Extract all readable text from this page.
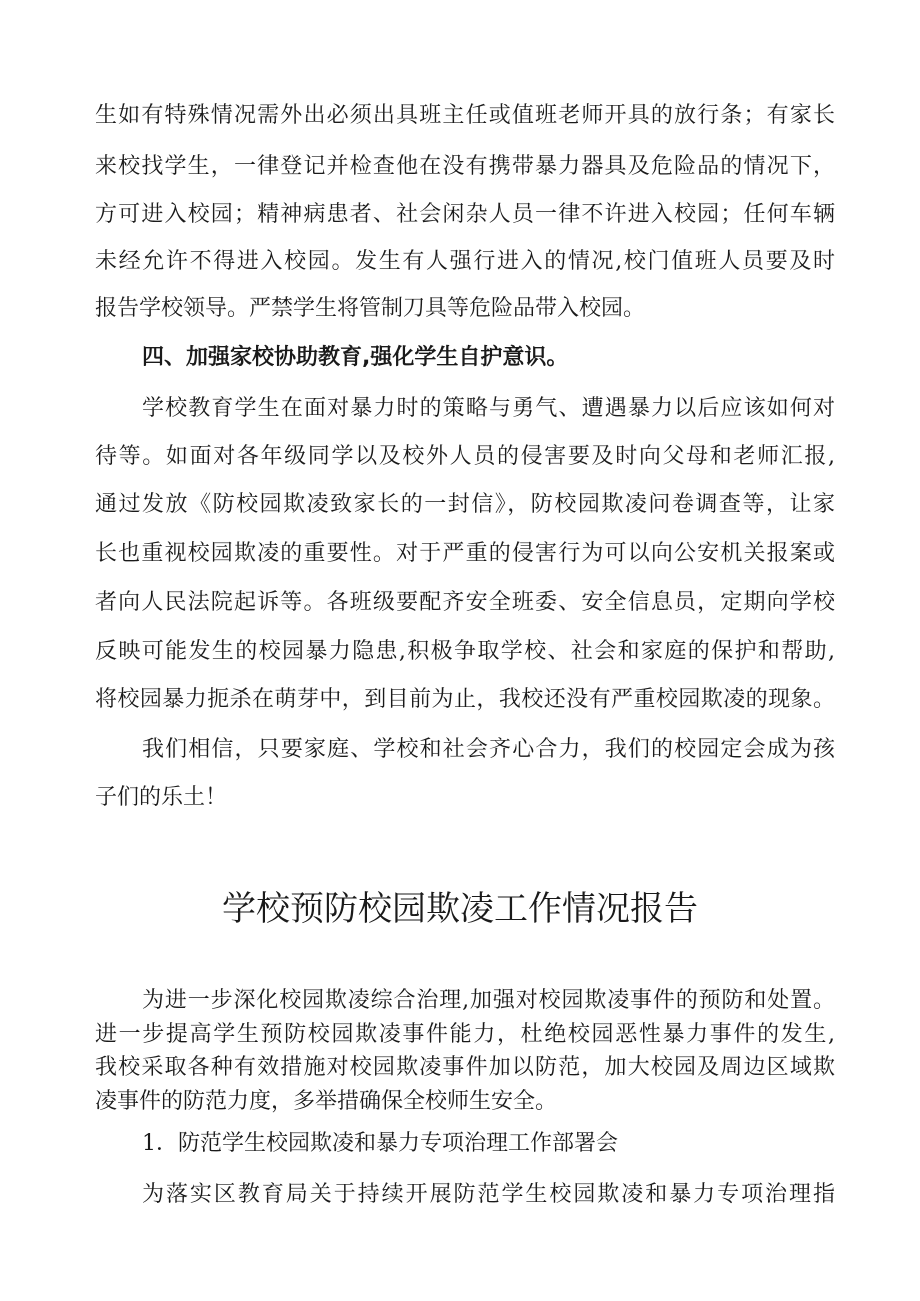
生如有特殊情况需外出必须出具班主任或值班老师开具的放行条；有家长
来校找学生，一律登记并检查他在没有携带暴力器具及危险品的情况下，
方可进入校园；精神病患者、社会闲杂人员一律不许进入校园；任何车辆
未经允许不得进入校园。发生有人强行进入的情况,校门值班人员要及时
报告学校领导。严禁学生将管制刀具等危险品带入校园。
四、加强家校协助教育,强化学生自护意识。
学校教育学生在面对暴力时的策略与勇气、遭遇暴力以后应该如何对
待等。如面对各年级同学以及校外人员的侵害要及时向父母和老师汇报,
通过发放《防校园欺凌致家长的一封信》，防校园欺凌问卷调查等，让家
长也重视校园欺凌的重要性。对于严重的侵害行为可以向公安机关报案或
者向人民法院起诉等。各班级要配齐安全班委、安全信息员，定期向学校
反映可能发生的校园暴力隐患,积极争取学校、社会和家庭的保护和帮助,
将校园暴力扼杀在萌芽中，到目前为止，我校还没有严重校园欺凌的现象。
我们相信，只要家庭、学校和社会齐心合力，我们的校园定会成为孩
子们的乐土！
学校预防校园欺凌工作情况报告
为进一步深化校园欺凌综合治理,加强对校园欺凌事件的预防和处置。
进一步提高学生预防校园欺凌事件能力，杜绝校园恶性暴力事件的发生,
我校采取各种有效措施对校园欺凌事件加以防范，加大校园及周边区域欺
凌事件的防范力度，多举措确保全校师生安全。
1．防范学生校园欺凌和暴力专项治理工作部署会
为落实区教育局关于持续开展防范学生校园欺凌和暴力专项治理指
